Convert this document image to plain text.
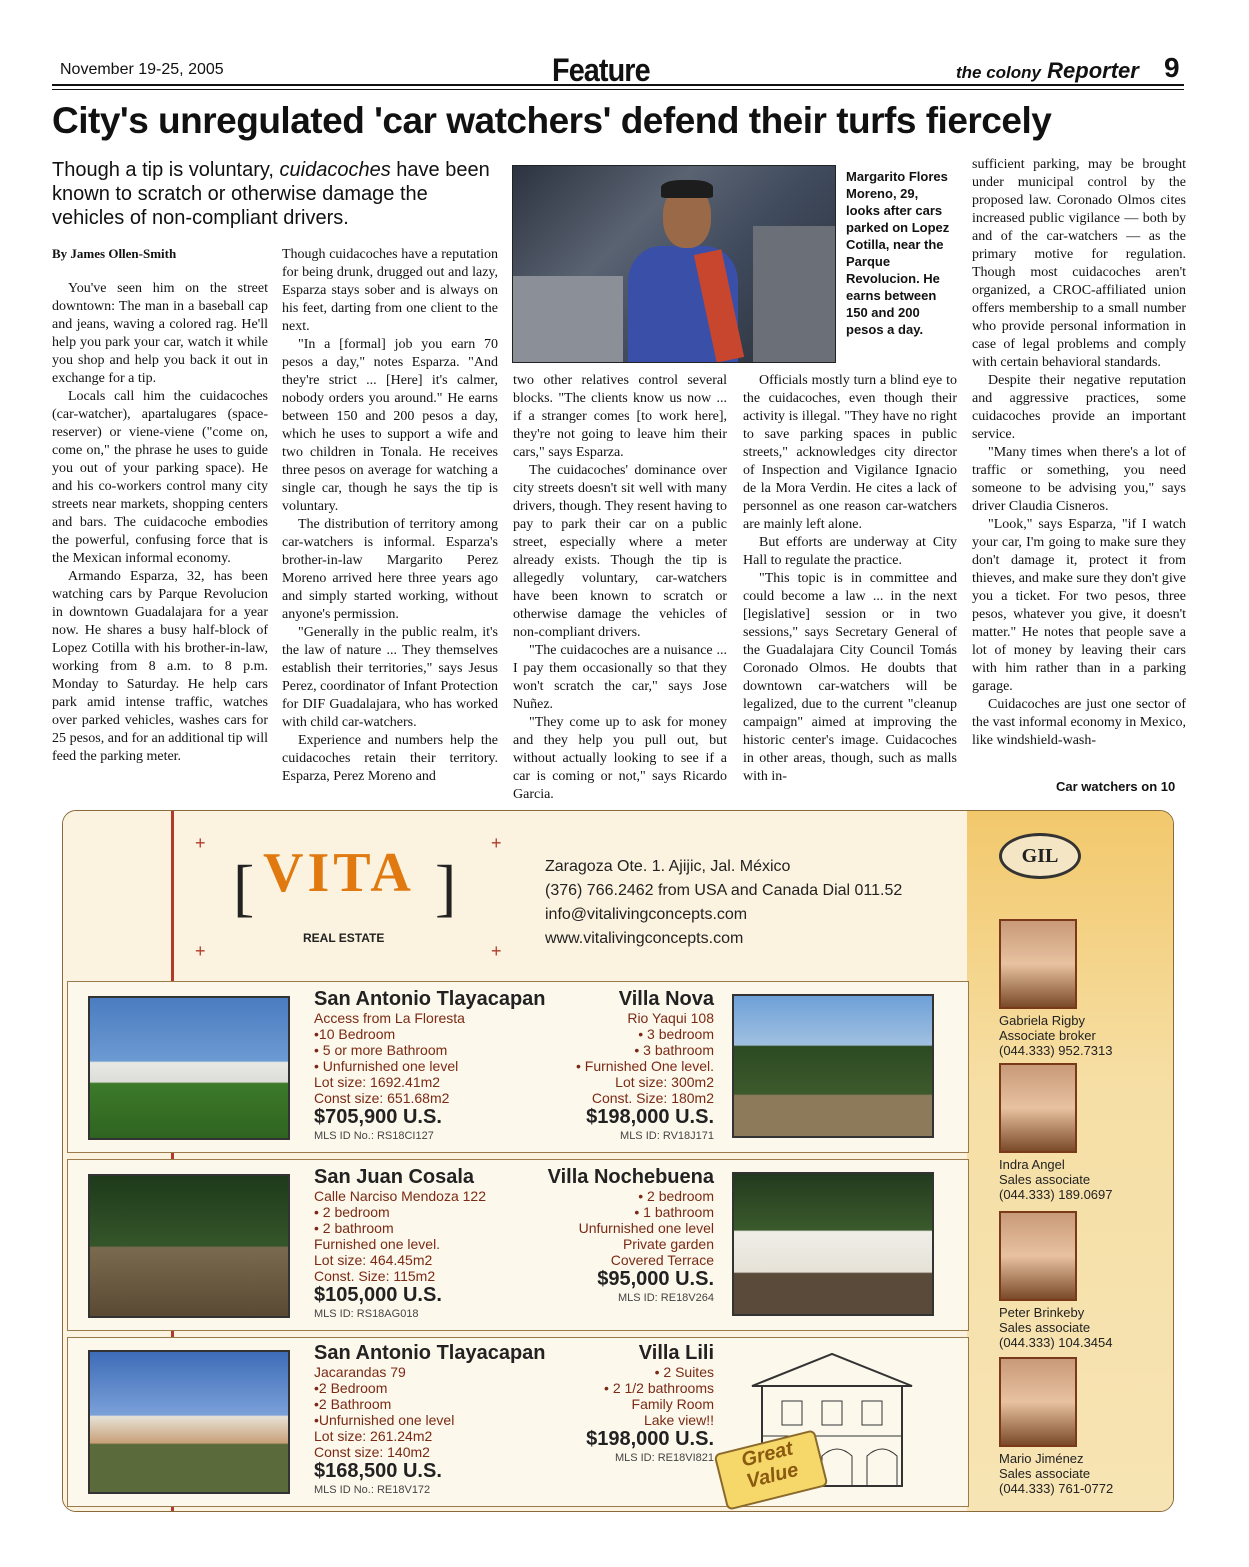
November 19-25, 2005	Feature	the colony Reporter 9
City's unregulated 'car watchers' defend their turfs fiercely
Though a tip is voluntary, cuidacoches have been known to scratch or otherwise damage the vehicles of non-compliant drivers.
By James Ollen-Smith

You've seen him on the street downtown: The man in a baseball cap and jeans, waving a colored rag. He'll help you park your car, watch it while you shop and help you back it out in exchange for a tip.

Locals call him the cuidacoches (car-watcher), apartalugares (space-reserver) or viene-viene ("come on, come on," the phrase he uses to guide you out of your parking space). He and his co-workers control many city streets near markets, shopping centers and bars. The cuidacoche embodies the powerful, confusing force that is the Mexican informal economy.

Armando Esparza, 32, has been watching cars by Parque Revolucion in downtown Guadalajara for a year now. He shares a busy half-block of Lopez Cotilla with his brother-in-law, working from 8 a.m. to 8 p.m. Monday to Saturday. He help cars park amid intense traffic, watches over parked vehicles, washes cars for 25 pesos, and for an additional tip will feed the parking meter.

Though cuidacoches have a reputation for being drunk, drugged out and lazy, Esparza stays sober and is always on his feet, darting from one client to the next.

"In a [formal] job you earn 70 pesos a day," notes Esparza. "And they're strict ... [Here] it's calmer, nobody orders you around." He earns between 150 and 200 pesos a day, which he uses to support a wife and two children in Tonala. He receives three pesos on average for watching a single car, though he says the tip is voluntary.

The distribution of territory among car-watchers is informal. Esparza's brother-in-law Margarito Perez Moreno arrived here three years ago and simply started working, without anyone's permission.

"Generally in the public realm, it's the law of nature ... They themselves establish their territories," says Jesus Perez, coordinator of Infant Protection for DIF Guadalajara, who has worked with child car-watchers.

Experience and numbers help the cuidacoches retain their territory. Esparza, Perez Moreno and

Margarito Flores Moreno, 29, looks after cars parked on Lopez Cotilla, near the Parque Revolucion. He earns between 150 and 200 pesos a day.

two other relatives control several blocks. "The clients know us now ... if a stranger comes [to work here], they're not going to leave him their cars," says Esparza.

The cuidacoches' dominance over city streets doesn't sit well with many drivers, though. They resent having to pay to park their car on a public street, especially where a meter already exists. Though the tip is allegedly voluntary, car-watchers have been known to scratch or otherwise damage the vehicles of non-compliant drivers.

"The cuidacoches are a nuisance ... I pay them occasionally so that they won't scratch the car," says Jose Nuñez.

"They come up to ask for money and they help you pull out, but without actually looking to see if a car is coming or not," says Ricardo Garcia.

Officials mostly turn a blind eye to the cuidacoches, even though their activity is illegal. "They have no right to save parking spaces in public streets," acknowledges city director of Inspection and Vigilance Ignacio de la Mora Verdin. He cites a lack of personnel as one reason car-watchers are mainly left alone.

But efforts are underway at City Hall to regulate the practice.

"This topic is in committee and could become a law ... in the next [legislative] session or in two sessions," says Secretary General of the Guadalajara City Council Tomás Coronado Olmos. He doubts that downtown car-watchers will be legalized, due to the current "cleanup campaign" aimed at improving the historic center's image. Cuidacoches in other areas, though, such as malls with in-

sufficient parking, may be brought under municipal control by the proposed law. Coronado Olmos cites increased public vigilance — both by and of the car-watchers — as the primary motive for regulation. Though most cuidacoches aren't organized, a CROC-affiliated union offers membership to a small number who provide personal information in case of legal problems and comply with certain behavioral standards.

Despite their negative reputation and aggressive practices, some cuidacoches provide an important service.

"Many times when there's a lot of traffic or something, you need someone to be advising you," says driver Claudia Cisneros.

"Look," says Esparza, "if I watch your car, I'm going to make sure they don't damage it, protect it from thieves, and make sure they don't give you a ticket. For two pesos, three pesos, whatever you give, it doesn't matter." He notes that people save a lot of money by leaving their cars with him rather than in a parking garage.

Cuidacoches are just one sector of the vast informal economy in Mexico, like windshield-wash-

Car watchers on 10
+	+
+	+
[	]
VITA
REAL ESTATE
Zaragoza Ote. 1. Ajijic, Jal. México
(376) 766.2462 from USA and Canada Dial 011.52
info@vitalivingconcepts.com
www.vitalivingconcepts.com
GIL
San Antonio Tlayacapan
Access from La Floresta
•10 Bedroom
• 5 or more Bathroom
• Unfurnished one level
Lot size: 1692.41m2
Const size: 651.68m2
$705,900 U.S.
MLS ID No.: RS18CI127
Villa Nova
Rio Yaqui 108
• 3 bedroom
• 3 bathroom
• Furnished One level.
Lot size: 300m2
Const. Size: 180m2
$198,000 U.S.
MLS ID: RV18J171
San Juan Cosala
Calle Narciso Mendoza 122
• 2 bedroom
• 2 bathroom
Furnished one level.
Lot size: 464.45m2
Const. Size: 115m2
$105,000 U.S.
MLS ID: RS18AG018
Villa Nochebuena
• 2 bedroom
• 1 bathroom
Unfurnished one level
Private garden
Covered Terrace
$95,000 U.S.
MLS ID: RE18V264
San Antonio Tlayacapan
Jacarandas 79
•2 Bedroom
•2 Bathroom
•Unfurnished one level
Lot size: 261.24m2
Const size: 140m2
$168,500 U.S.
MLS ID No.: RE18V172
Villa Lili
• 2 Suites
• 2 1/2 bathrooms
Family Room
Lake view!!
$198,000 U.S.
MLS ID: RE18VI821	Great Value
Gabriela Rigby
Associate broker
(044.333) 952.7313
Indra Angel
Sales associate
(044.333) 189.0697
Peter Brinkeby
Sales associate
(044.333) 104.3454
Mario Jiménez
Sales associate
(044.333) 761-0772
